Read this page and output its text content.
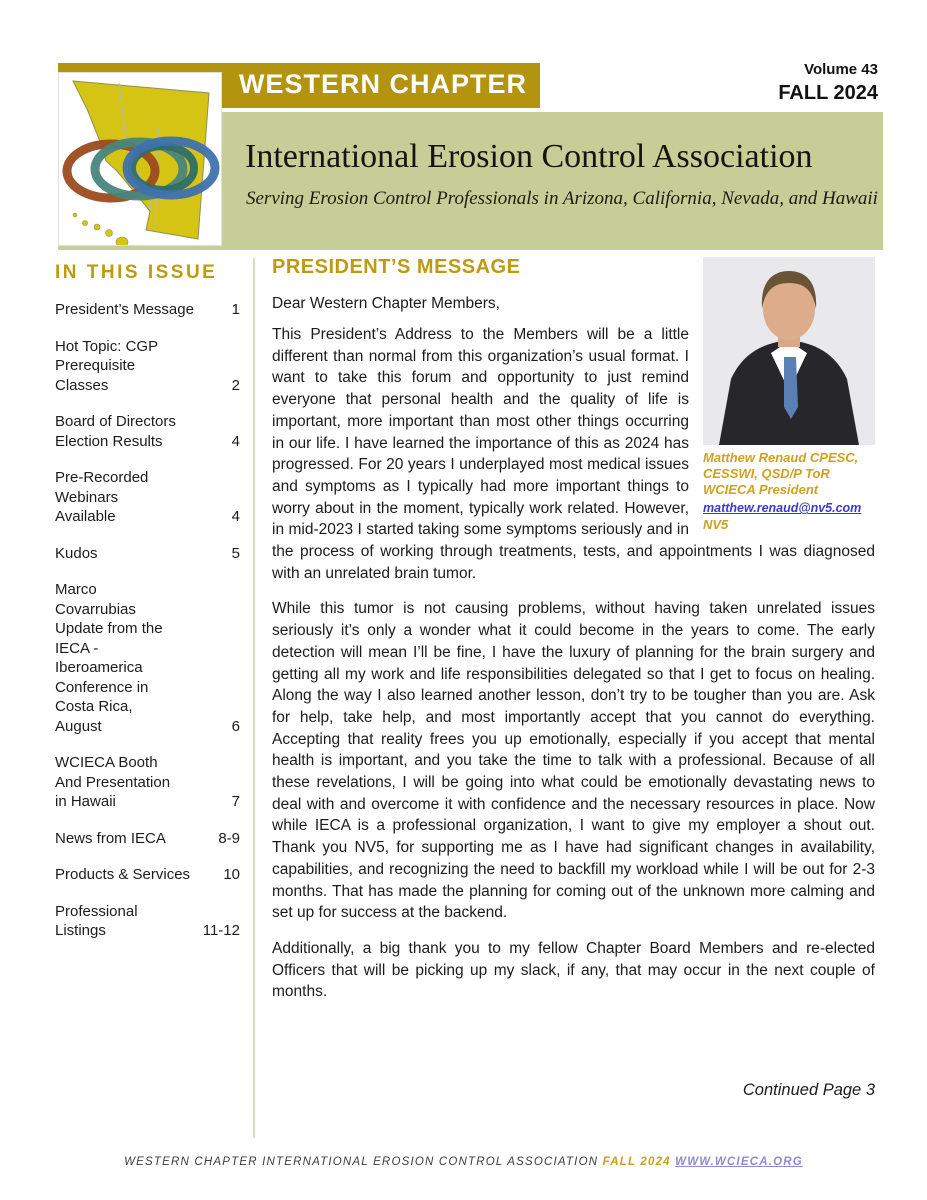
WESTERN CHAPTER
International Erosion Control Association
Serving Erosion Control Professionals in Arizona, California, Nevada, and Hawaii
Volume 43
FALL 2024
IN THIS ISSUE
President’s Message	1
Hot Topic: CGP
Prerequisite
Classes	2
Board of Directors
Election Results	4
Pre-Recorded
Webinars
Available	4
Kudos	5
Marco
Covarrubias
Update from the
IECA -
Iberoamerica
Conference in
Costa Rica,
August	6
WCIECA Booth
And Presentation
in Hawaii	7
News from IECA	8-9
Products & Services	10
Professional
Listings	11-12
Matthew Renaud CPESC, CESSWI, QSD/P ToR WCIECA President
matthew.renaud@nv5.com
NV5
PRESIDENT’S MESSAGE

Dear Western Chapter Members,

This President’s Address to the Members will be a little different than normal from this organization’s usual format. I want to take this forum and opportunity to just remind everyone that personal health and the quality of life is important, more important than most other things occurring in our life. I have learned the importance of this as 2024 has progressed. For 20 years I underplayed most medical issues and symptoms as I typically had more important things to worry about in the moment, typically work related. However, in mid-2023 I started taking some symptoms seriously and in the process of working through treatments, tests, and appointments I was diagnosed with an unrelated brain tumor.

While this tumor is not causing problems, without having taken unrelated issues seriously it’s only a wonder what it could become in the years to come. The early detection will mean I’ll be fine, I have the luxury of planning for the brain surgery and getting all my work and life responsibilities delegated so that I get to focus on healing. Along the way I also learned another lesson, don’t try to be tougher than you are. Ask for help, take help, and most importantly accept that you cannot do everything. Accepting that reality frees you up emotionally, especially if you accept that mental health is important, and you take the time to talk with a professional. Because of all these revelations, I will be going into what could be emotionally devastating news to deal with and overcome it with confidence and the necessary resources in place. Now while IECA is a professional organization, I want to give my employer a shout out. Thank you NV5, for supporting me as I have had significant changes in availability, capabilities, and recognizing the need to backfill my workload while I will be out for 2-3 months. That has made the planning for coming out of the unknown more calming and set up for success at the backend.

Additionally, a big thank you to my fellow Chapter Board Members and re-elected Officers that will be picking up my slack, if any, that may occur in the next couple of months.

Continued Page 3
WESTERN CHAPTER INTERNATIONAL EROSION CONTROL ASSOCIATION FALL 2024 WWW.WCIECA.ORG
